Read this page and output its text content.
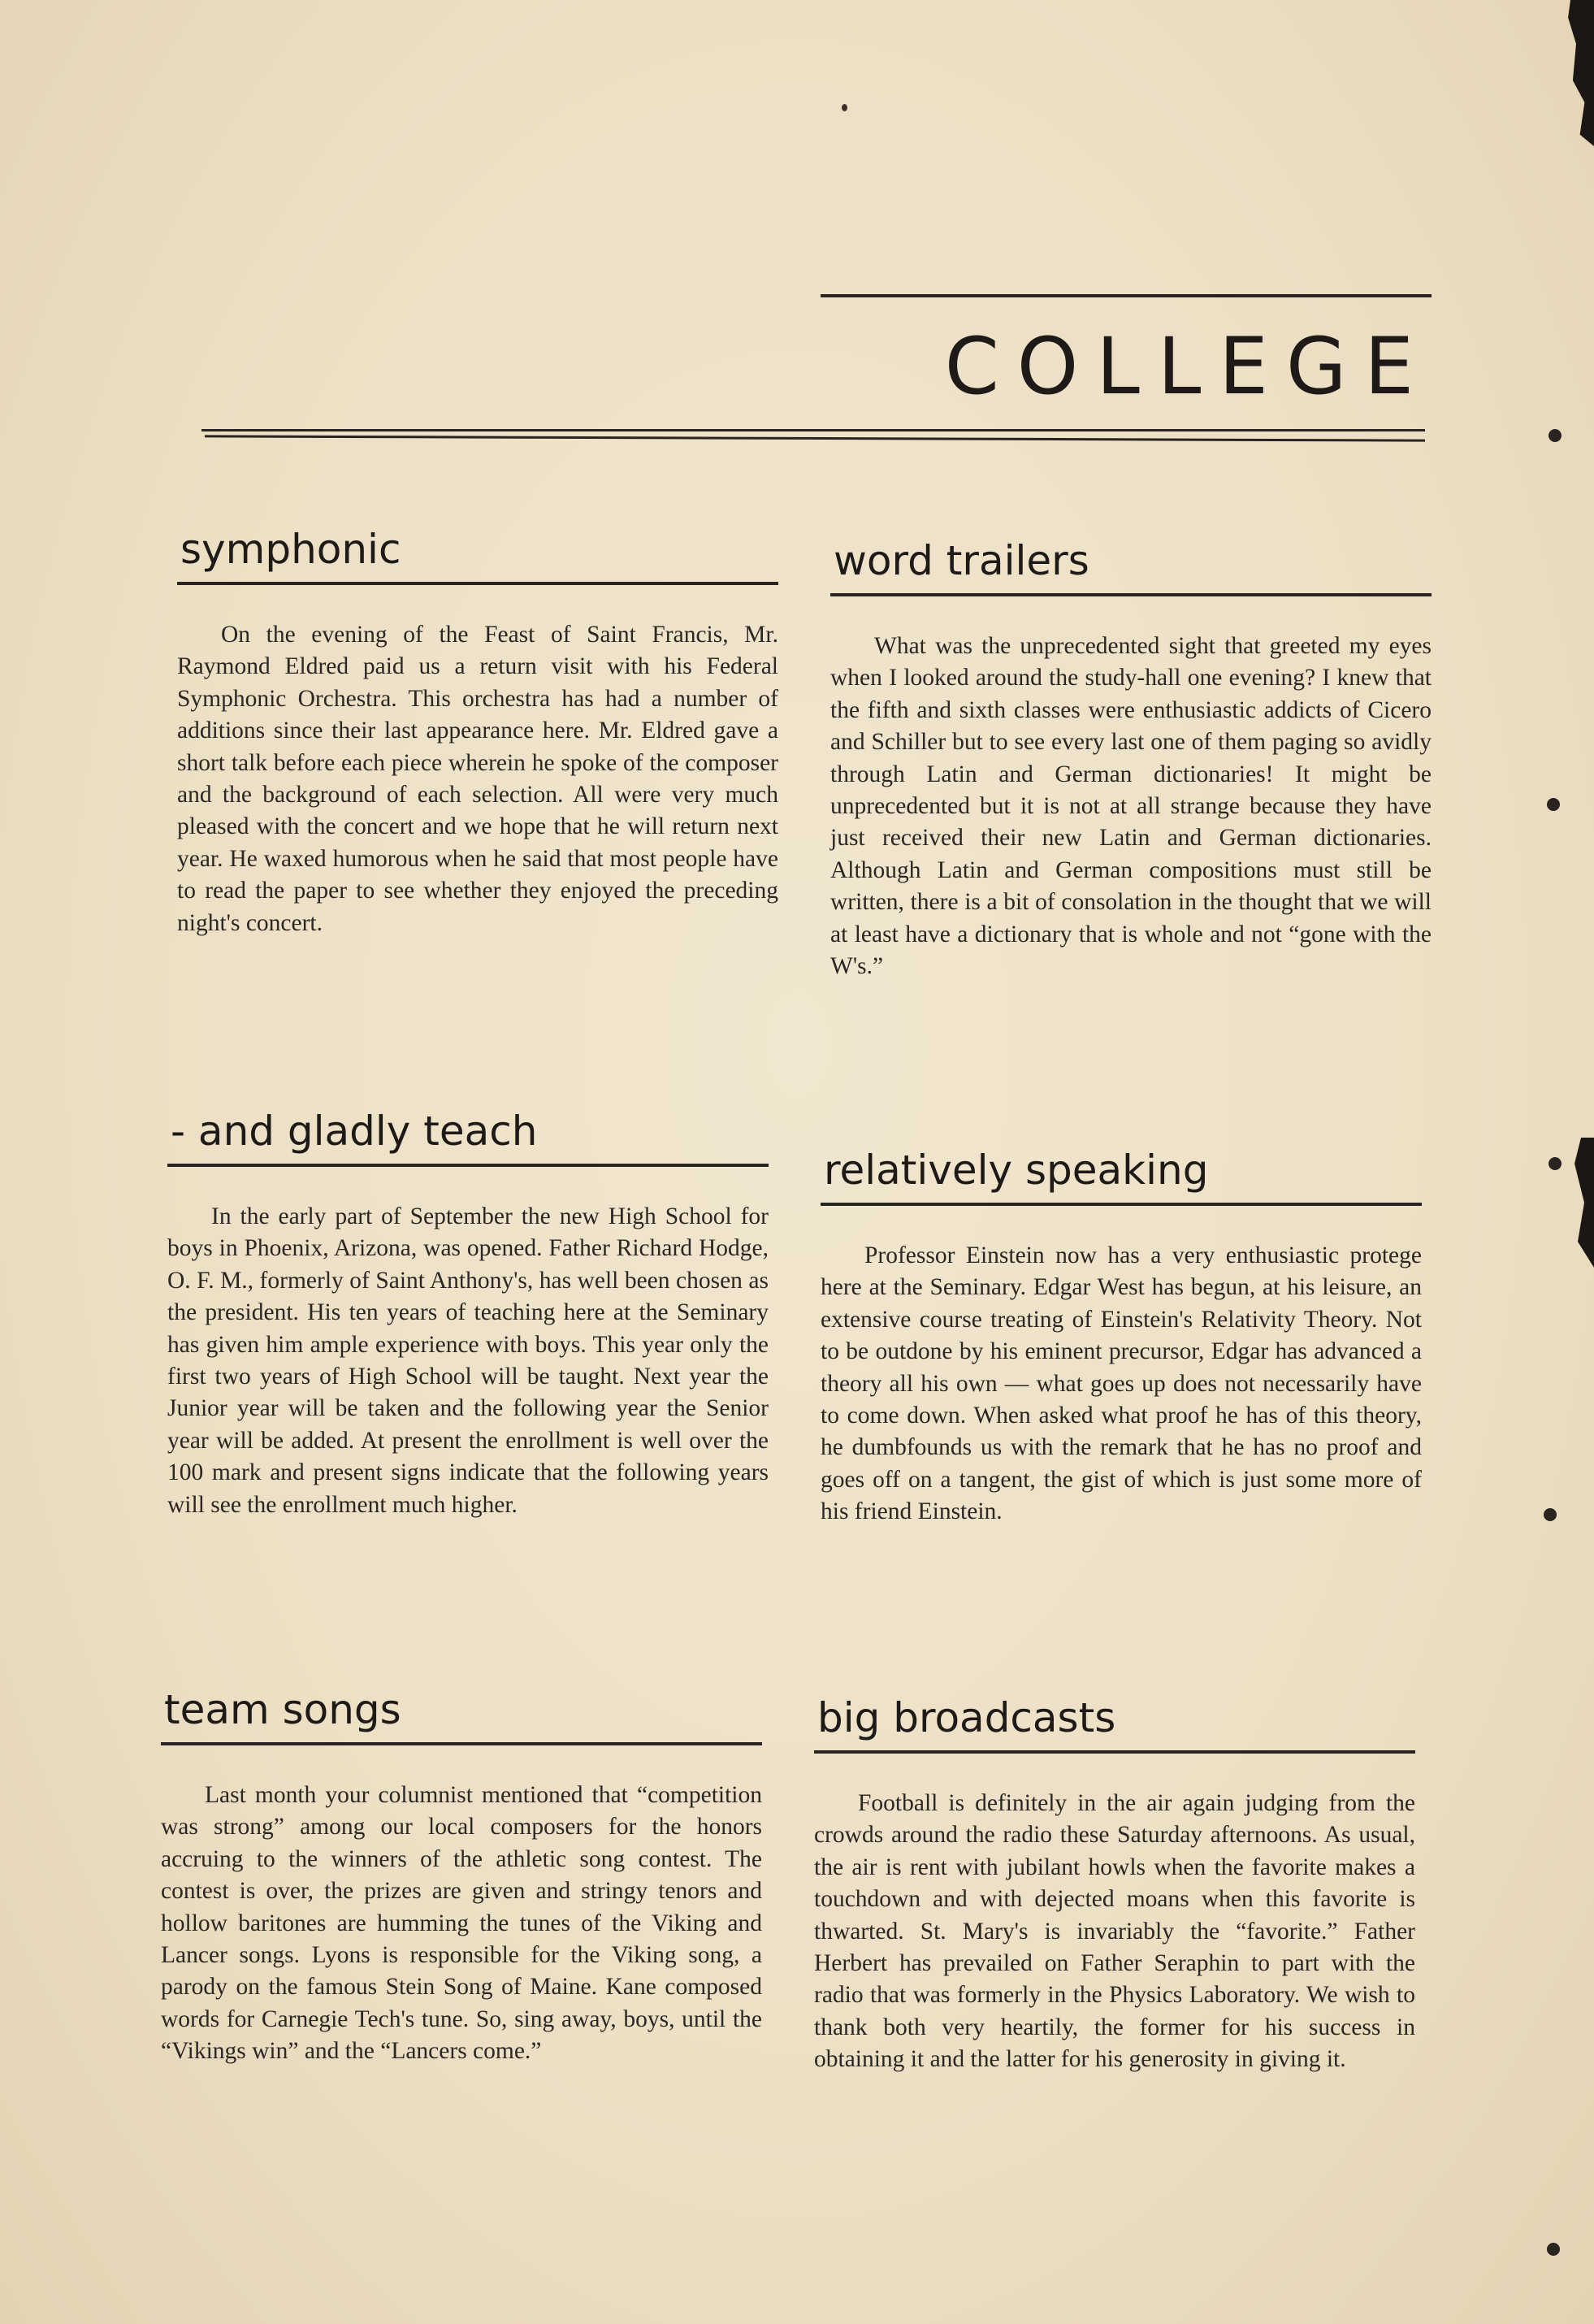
COLLEGE
symphonic
On the evening of the Feast of Saint Francis, Mr. Raymond Eldred paid us a return visit with his Federal Symphonic Orchestra. This orchestra has had a number of additions since their last appearance here. Mr. Eldred gave a short talk before each piece wherein he spoke of the composer and the background of each selection. All were very much pleased with the concert and we hope that he will return next year. He waxed humorous when he said that most people have to read the paper to see whether they enjoyed the preceding night's concert.
word trailers
What was the unprecedented sight that greeted my eyes when I looked around the study-hall one evening? I knew that the fifth and sixth classes were enthusiastic addicts of Cicero and Schiller but to see every last one of them paging so avidly through Latin and German dictionaries! It might be unprecedented but it is not at all strange because they have just received their new Latin and German dictionaries. Although Latin and German compositions must still be written, there is a bit of consolation in the thought that we will at least have a dictionary that is whole and not “gone with the W's.”
- and gladly teach
In the early part of September the new High School for boys in Phoenix, Arizona, was opened. Father Richard Hodge, O. F. M., formerly of Saint Anthony's, has well been chosen as the president. His ten years of teaching here at the Seminary has given him ample experience with boys. This year only the first two years of High School will be taught. Next year the Junior year will be taken and the following year the Senior year will be added. At present the enrollment is well over the 100 mark and present signs indicate that the following years will see the enrollment much higher.
relatively speaking
Professor Einstein now has a very enthusiastic protege here at the Seminary. Edgar West has begun, at his leisure, an extensive course treating of Einstein's Relativity Theory. Not to be outdone by his eminent precursor, Edgar has advanced a theory all his own — what goes up does not necessarily have to come down. When asked what proof he has of this theory, he dumbfounds us with the remark that he has no proof and goes off on a tangent, the gist of which is just some more of his friend Einstein.
team songs
Last month your columnist mentioned that “competition was strong” among our local composers for the honors accruing to the winners of the athletic song contest. The contest is over, the prizes are given and stringy tenors and hollow baritones are humming the tunes of the Viking and Lancer songs. Lyons is responsible for the Viking song, a parody on the famous Stein Song of Maine. Kane composed words for Carnegie Tech's tune. So, sing away, boys, until the “Vikings win” and the “Lancers come.”
big broadcasts
Football is definitely in the air again judging from the crowds around the radio these Saturday afternoons. As usual, the air is rent with jubilant howls when the favorite makes a touchdown and with dejected moans when this favorite is thwarted. St. Mary's is invariably the “favorite.” Father Herbert has prevailed on Father Seraphin to part with the radio that was formerly in the Physics Laboratory. We wish to thank both very heartily, the former for his success in obtaining it and the latter for his generosity in giving it.
